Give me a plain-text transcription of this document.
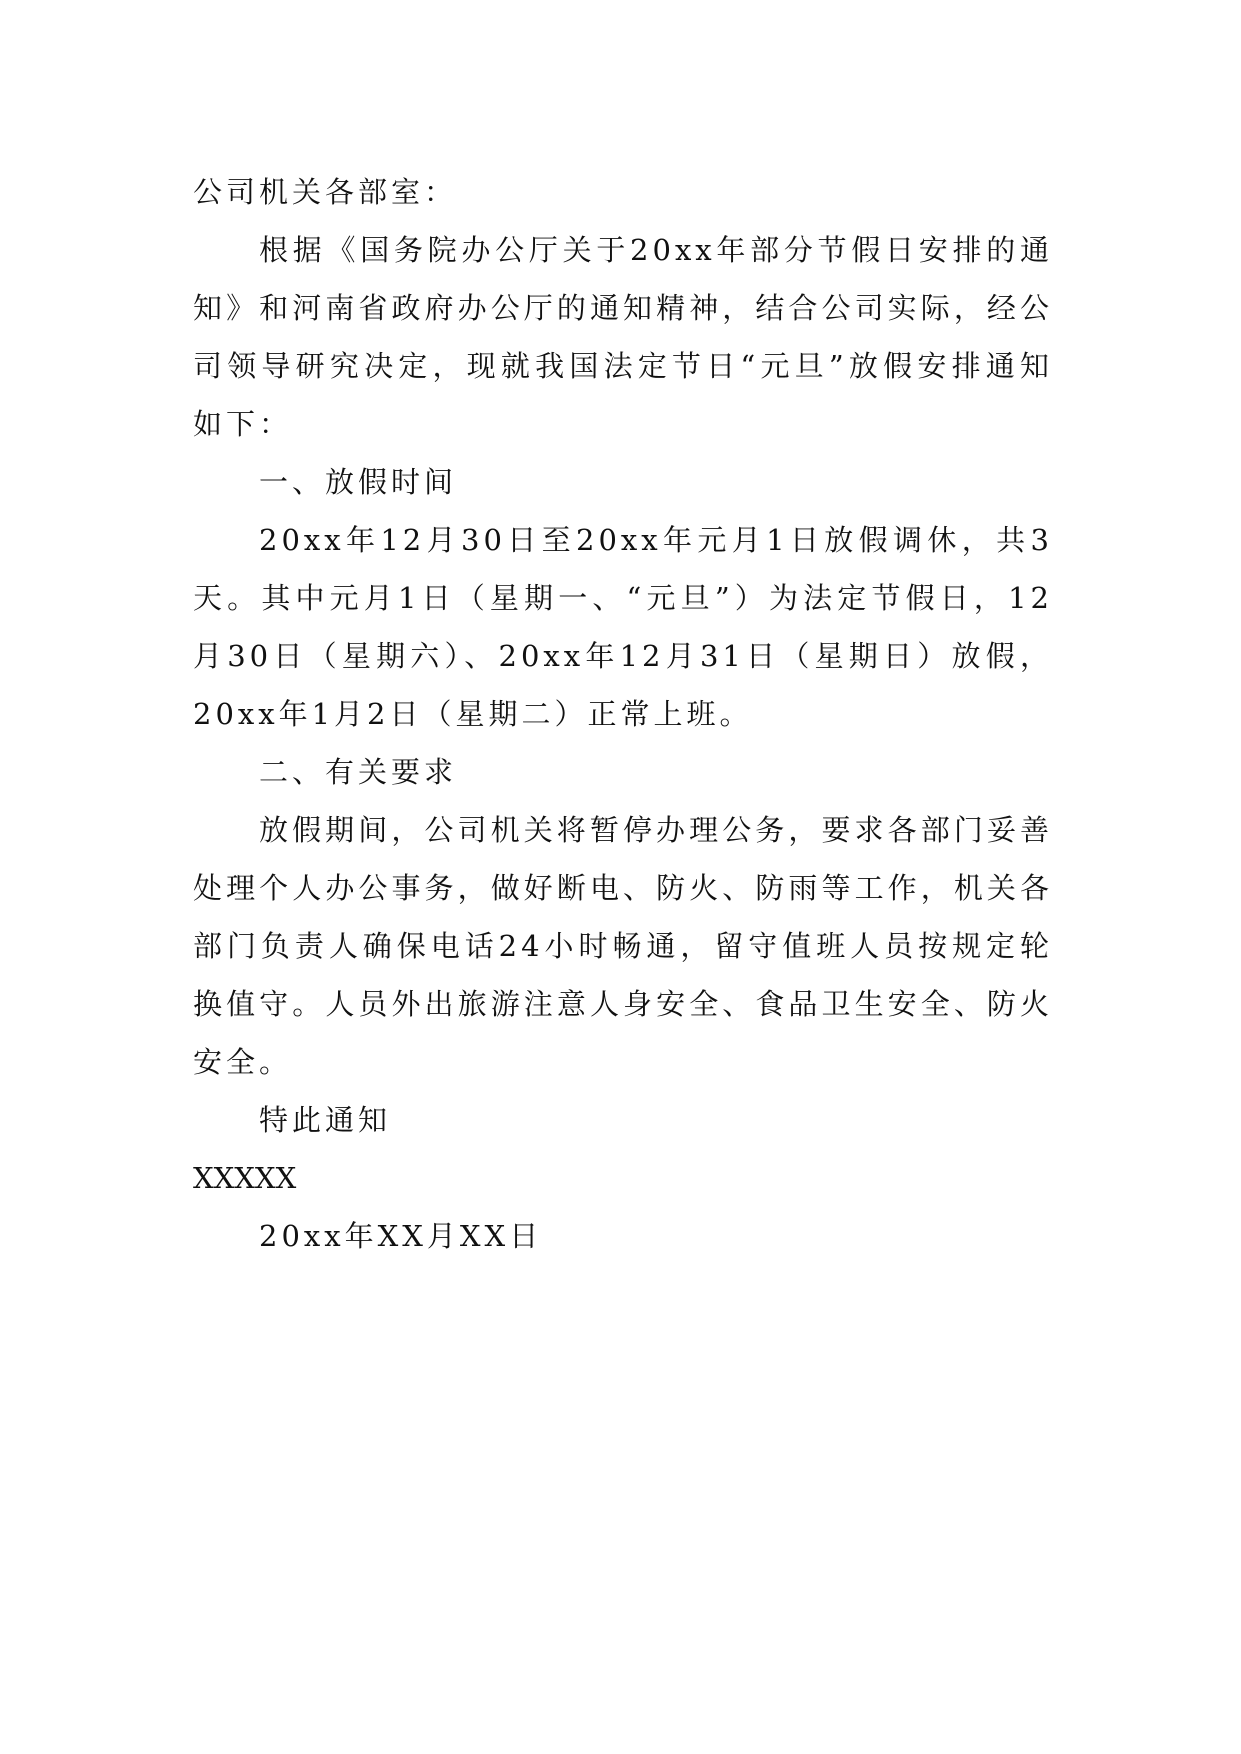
公司机关各部室：

根据《国务院办公厅关于20xx年部分节假日安排的通知》和河南省政府办公厅的通知精神，结合公司实际，经公司领导研究决定，现就我国法定节日“元旦”放假安排通知如下：

一、放假时间

20xx年12月30日至20xx年元月1日放假调休，共3天。其中元月1日（星期一、“元旦”）为法定节假日，12月30日（星期六）、20xx年12月31日（星期日）放假，20xx年1月2日（星期二）正常上班。

二、有关要求

放假期间，公司机关将暂停办理公务，要求各部门妥善处理个人办公事务，做好断电、防火、防雨等工作，机关各部门负责人确保电话24小时畅通，留守值班人员按规定轮换值守。人员外出旅游注意人身安全、食品卫生安全、防火安全。

特此通知

XXXXX

20xx年XX月XX日
